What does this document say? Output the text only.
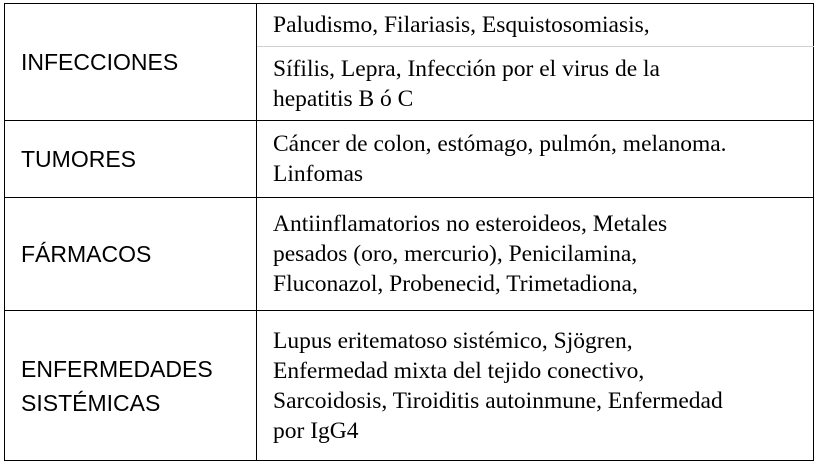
INFECCIONES	Paludismo, Filariasis, Esquistosomiasis,

	Sífilis, Lepra, Infección por el virus de la
hepatitis B ó C

TUMORES	Cáncer de colon, estómago, pulmón, melanoma.
Linfomas

FÁRMACOS	Antiinflamatorios no esteroideos, Metales
pesados (oro, mercurio), Penicilamina,
Fluconazol, Probenecid, Trimetadiona,

ENFERMEDADES
SISTÉMICAS	Lupus eritematoso sistémico, Sjögren,
Enfermedad mixta del tejido conectivo,
Sarcoidosis, Tiroiditis autoinmune, Enfermedad
por IgG4
